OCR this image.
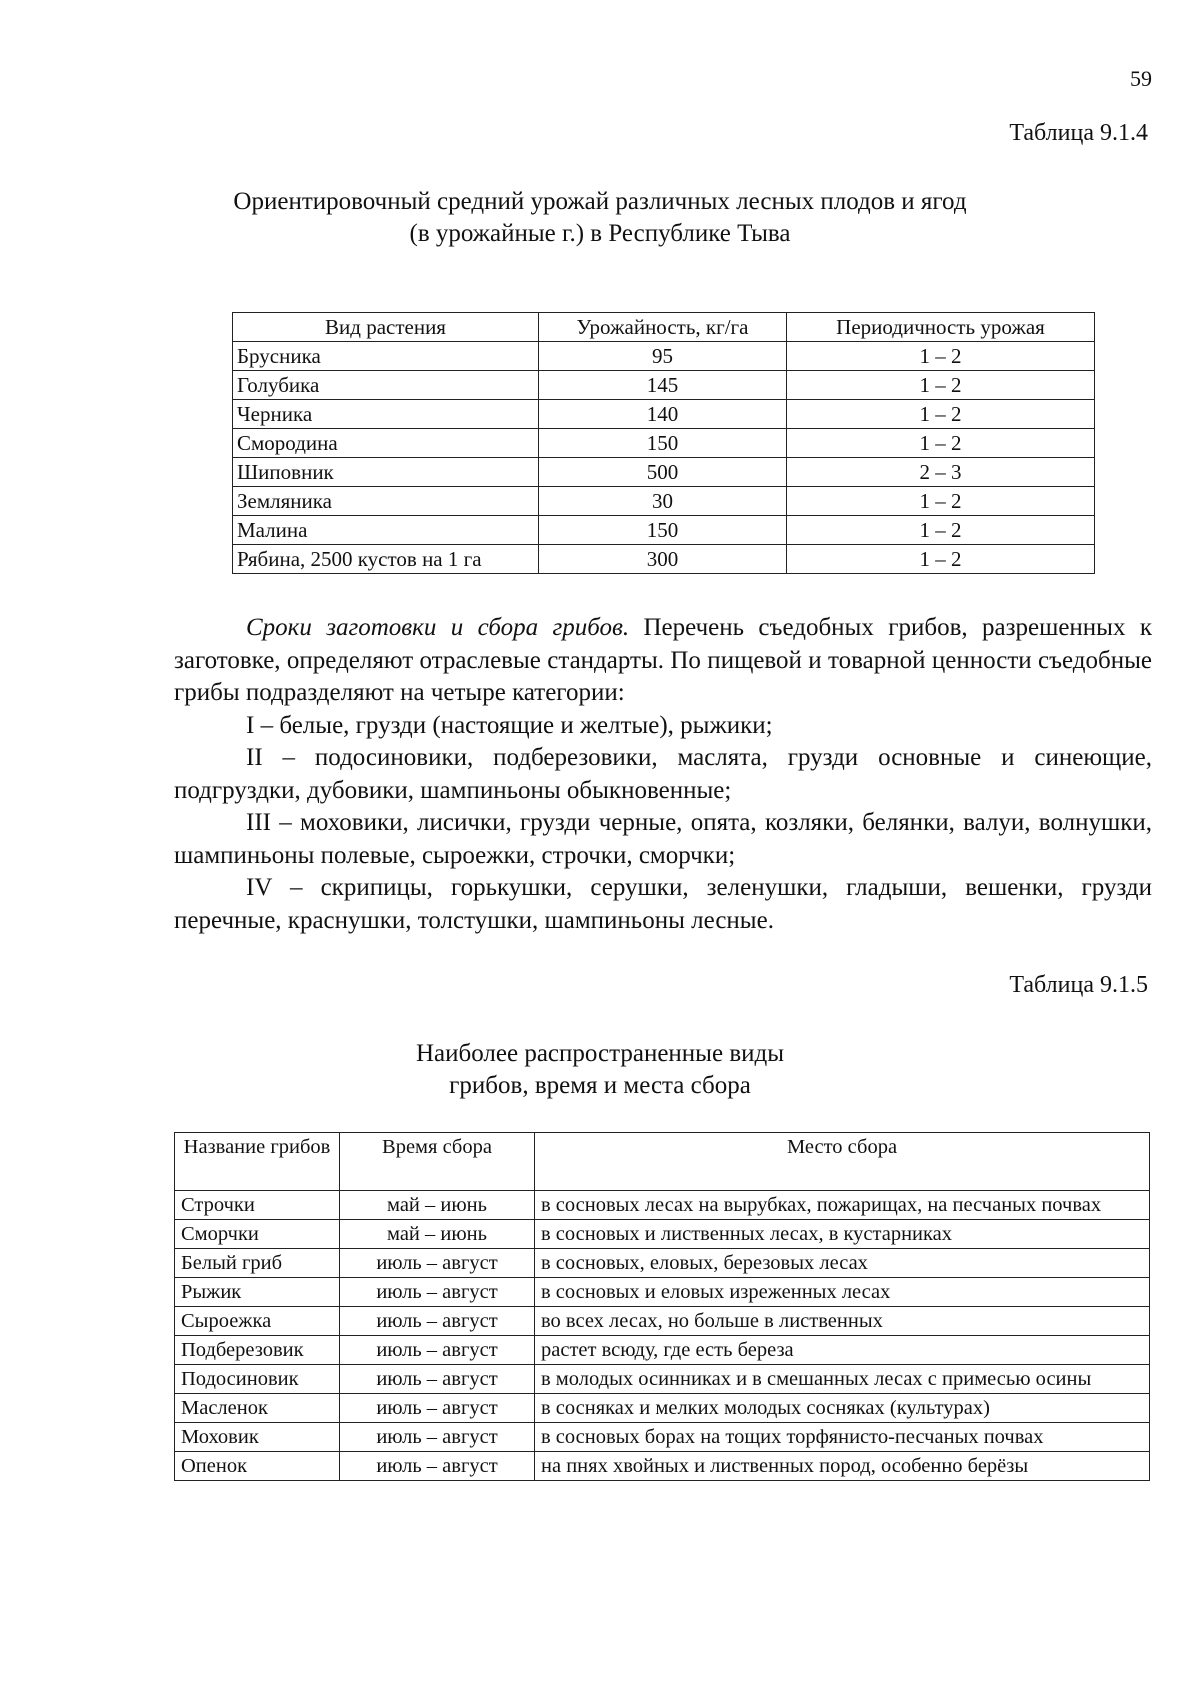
59
Таблица 9.1.4
Ориентировочный средний урожай различных лесных плодов и ягод
(в урожайные г.) в Республике Тыва
Вид растения	Урожайность, кг/га	Периодичность урожая
Брусника	95	1 – 2
Голубика	145	1 – 2
Черника	140	1 – 2
Смородина	150	1 – 2
Шиповник	500	2 – 3
Земляника	30	1 – 2
Малина	150	1 – 2
Рябина, 2500 кустов на 1 га	300	1 – 2

Сроки заготовки и сбора грибов. Перечень съедобных грибов, разрешенных к заготовке, определяют отраслевые стандарты. По пищевой и товарной ценности съедобные грибы подразделяют на четыре категории:

I – белые, грузди (настоящие и желтые), рыжики;

II – подосиновики, подберезовики, маслята, грузди основные и синеющие, подгруздки, дубовики, шампиньоны обыкновенные;

III – моховики, лисички, грузди черные, опята, козляки, белянки, валуи, волнушки, шампиньоны полевые, сыроежки, строчки, сморчки;

IV – скрипицы, горькушки, серушки, зеленушки, гладыши, вешенки, грузди перечные, краснушки, толстушки, шампиньоны лесные.

Таблица 9.1.5
Наиболее распространенные виды
грибов, время и места сбора
Название грибов	Время сбора	Место сбора
Строчки	май – июнь	в сосновых лесах на вырубках, пожарищах, на песчаных почвах
Сморчки	май – июнь	в сосновых и лиственных лесах, в кустарниках
Белый гриб	июль – август	в сосновых, еловых, березовых лесах
Рыжик	июль – август	в сосновых и еловых изреженных лесах
Сыроежка	июль – август	во всех лесах, но больше в лиственных
Подберезовик	июль – август	растет всюду, где есть береза
Подосиновик	июль – август	в молодых осинниках и в смешанных лесах с примесью осины
Масленок	июль – август	в сосняках и мелких молодых сосняках (культурах)
Моховик	июль – август	в сосновых борах на тощих торфянисто-песчаных почвах
Опенок	июль – август	на пнях хвойных и лиственных пород, особенно берёзы
